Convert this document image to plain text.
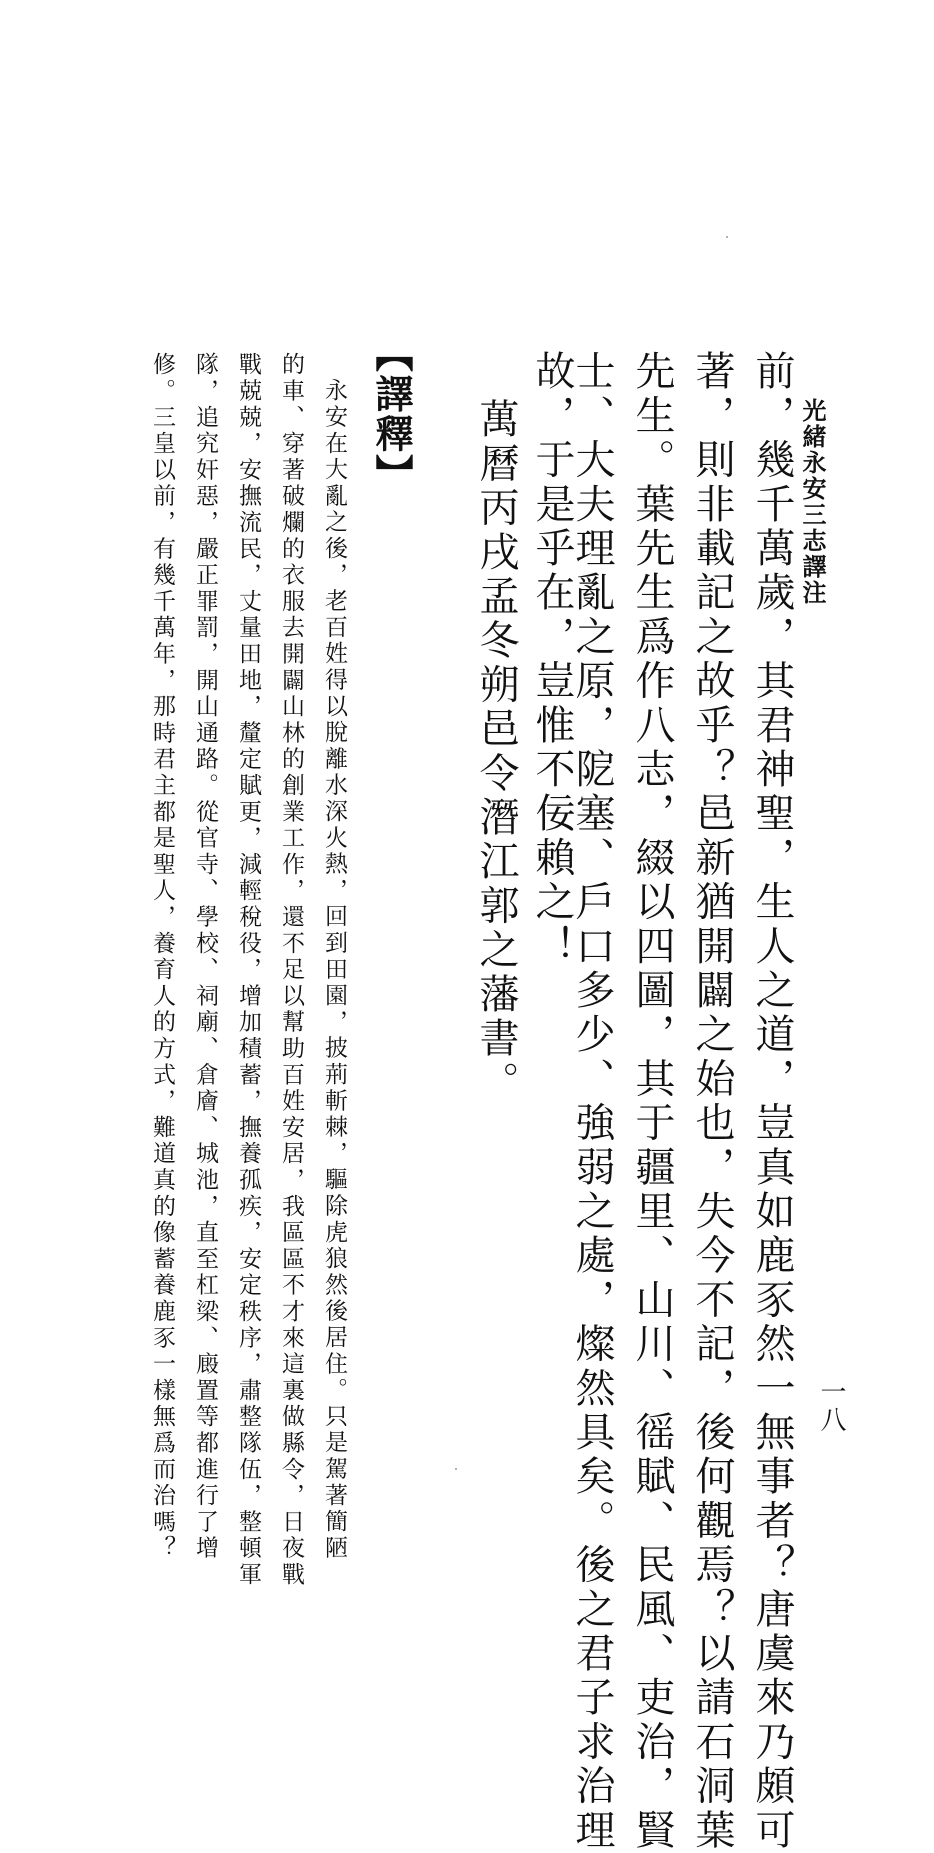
光緒永安三志譯注
一八
前，幾千萬歲，其君神聖，生人之道，豈真如鹿豕然一無事者？唐虞來乃頗可
著，則非載記之故乎？邑新猶開闢之始也，失今不記，後何觀焉？以請石洞葉
先生。葉先生爲作八志，綴以四圖，其于疆里、山川、徭賦、民風、吏治，賢
士、大夫理亂之原，阸塞、戶口多少、強弱之處，燦然具矣。後之君子求治理
故，于是乎在，豈惟不佞賴之！
萬曆丙戌孟冬朔邑令潛江郭之藩書。
【譯釋】
永安在大亂之後，老百姓得以脫離水深火熱，回到田園，披荊斬棘，驅除虎狼然後居住。只是駕著簡陋
的車、穿著破爛的衣服去開闢山林的創業工作，還不足以幫助百姓安居，我區區不才來這裏做縣令，日夜戰
戰兢兢，安撫流民，丈量田地，釐定賦更，減輕稅役，增加積蓄，撫養孤疾，安定秩序，肅整隊伍，整頓軍
隊，追究奸惡，嚴正罪罰，開山通路。從官寺、學校、祠廟、倉廥、城池，直至杠梁、廄置等都進行了增
修。三皇以前，有幾千萬年，那時君主都是聖人，養育人的方式，難道真的像蓄養鹿豕一樣無爲而治嗎？
